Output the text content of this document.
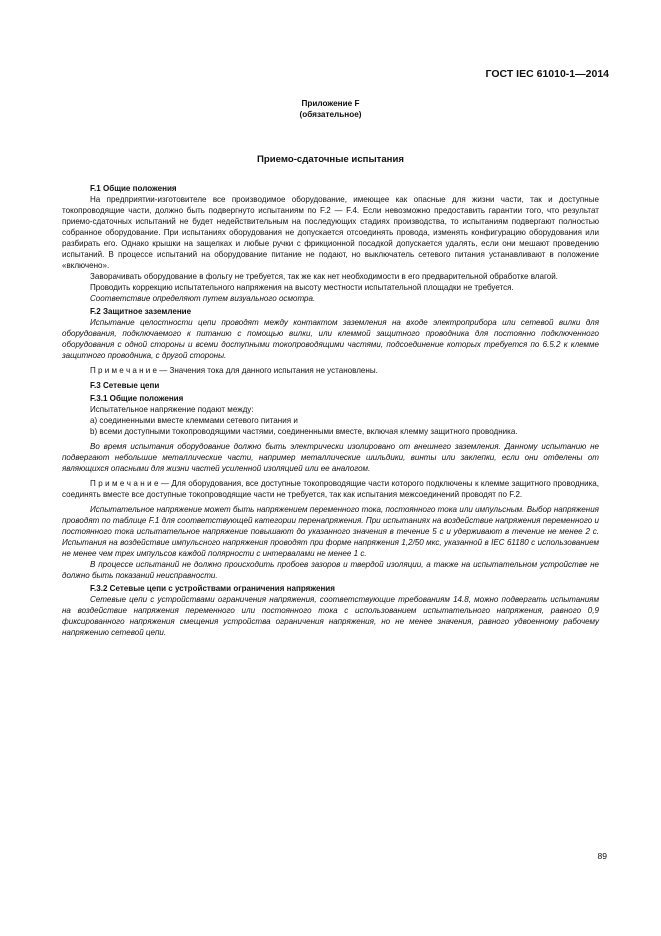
ГОСТ IEC 61010-1—2014
Приложение F
(обязательное)
Приемо-сдаточные испытания

F.1 Общие положения

На предприятии-изготовителе все производимое оборудование, имеющее как опасные для жизни части, так и доступные токопроводящие части, должно быть подвергнуто испытаниям по F.2 — F.4. Если невозможно предоставить гарантии того, что результат приемо-сдаточных испытаний не будет недействительным на последующих стадиях производства, то испытаниям подвергают полностью собранное оборудование. При испытаниях оборудования не допускается отсоединять провода, изменять конфигурацию оборудования или разбирать его. Однако крышки на защелках и любые ручки с фрикционной посадкой допускается удалять, если они мешают проведению испытаний. В процессе испытаний на оборудование питание не подают, но выключатель сетевого питания устанавливают в положение «включено».

Заворачивать оборудование в фольгу не требуется, так же как нет необходимости в его предварительной обработке влагой.

Проводить коррекцию испытательного напряжения на высоту местности испытательной площадки не требуется.

Соответствие определяют путем визуального осмотра.

F.2 Защитное заземление

Испытание целостности цепи проводят между контактом заземления на входе электроприбора или сетевой вилки для оборудования, подключаемого к питанию с помощью вилки, или клеммой защитного проводника для постоянно подключенного оборудования с одной стороны и всеми доступными токопроводящими частями, подсоединение которых требуется по 6.5.2 к клемме защитного проводника, с другой стороны.

П р и м е ч а н и е — Значения тока для данного испытания не установлены.

F.3 Сетевые цепи

F.3.1 Общие положения

Испытательное напряжение подают между:

а) соединенными вместе клеммами сетевого питания и

b) всеми доступными токопроводящими частями, соединенными вместе, включая клемму защитного проводника.

Во время испытания оборудование должно быть электрически изолировано от внешнего заземления. Данному испытанию не подвергают небольшие металлические части, например металлические шильдики, винты или заклепки, если они отделены от являющихся опасными для жизни частей усиленной изоляцией или ее аналогом.

П р и м е ч а н и е — Для оборудования, все доступные токопроводящие части которого подключены к клемме защитного проводника, соединять вместе все доступные токопроводящие части не требуется, так как испытания межсоединений проводят по F.2.

Испытательное напряжение может быть напряжением переменного тока, постоянного тока или импульсным. Выбор напряжения проводят по таблице F.1 для соответствующей категории перенапряжения. При испытаниях на воздействие напряжения переменного и постоянного тока испытательное напряжение повышают до указанного значения в течение 5 с и удерживают в течение не менее 2 с. Испытания на воздействие импульсного напряжения проводят при форме напряжения 1,2/50 мкс, указанной в IEC 61180 с использованием не менее чем трех импульсов каждой полярности с интервалами не менее 1 с.

В процессе испытаний не должно происходить пробоев зазоров и твердой изоляции, а также на испытательном устройстве не должно быть показаний неисправности.

F.3.2 Сетевые цепи с устройствами ограничения напряжения

Сетевые цепи с устройствами ограничения напряжения, соответствующие требованиям 14.8, можно подвергать испытаниям на воздействие напряжения переменного или постоянного тока с использованием испытательного напряжения, равного 0,9 фиксированного напряжения смещения устройства ограничения напряжения, но не менее значения, равного удвоенному рабочему напряжению сетевой цепи.

89
